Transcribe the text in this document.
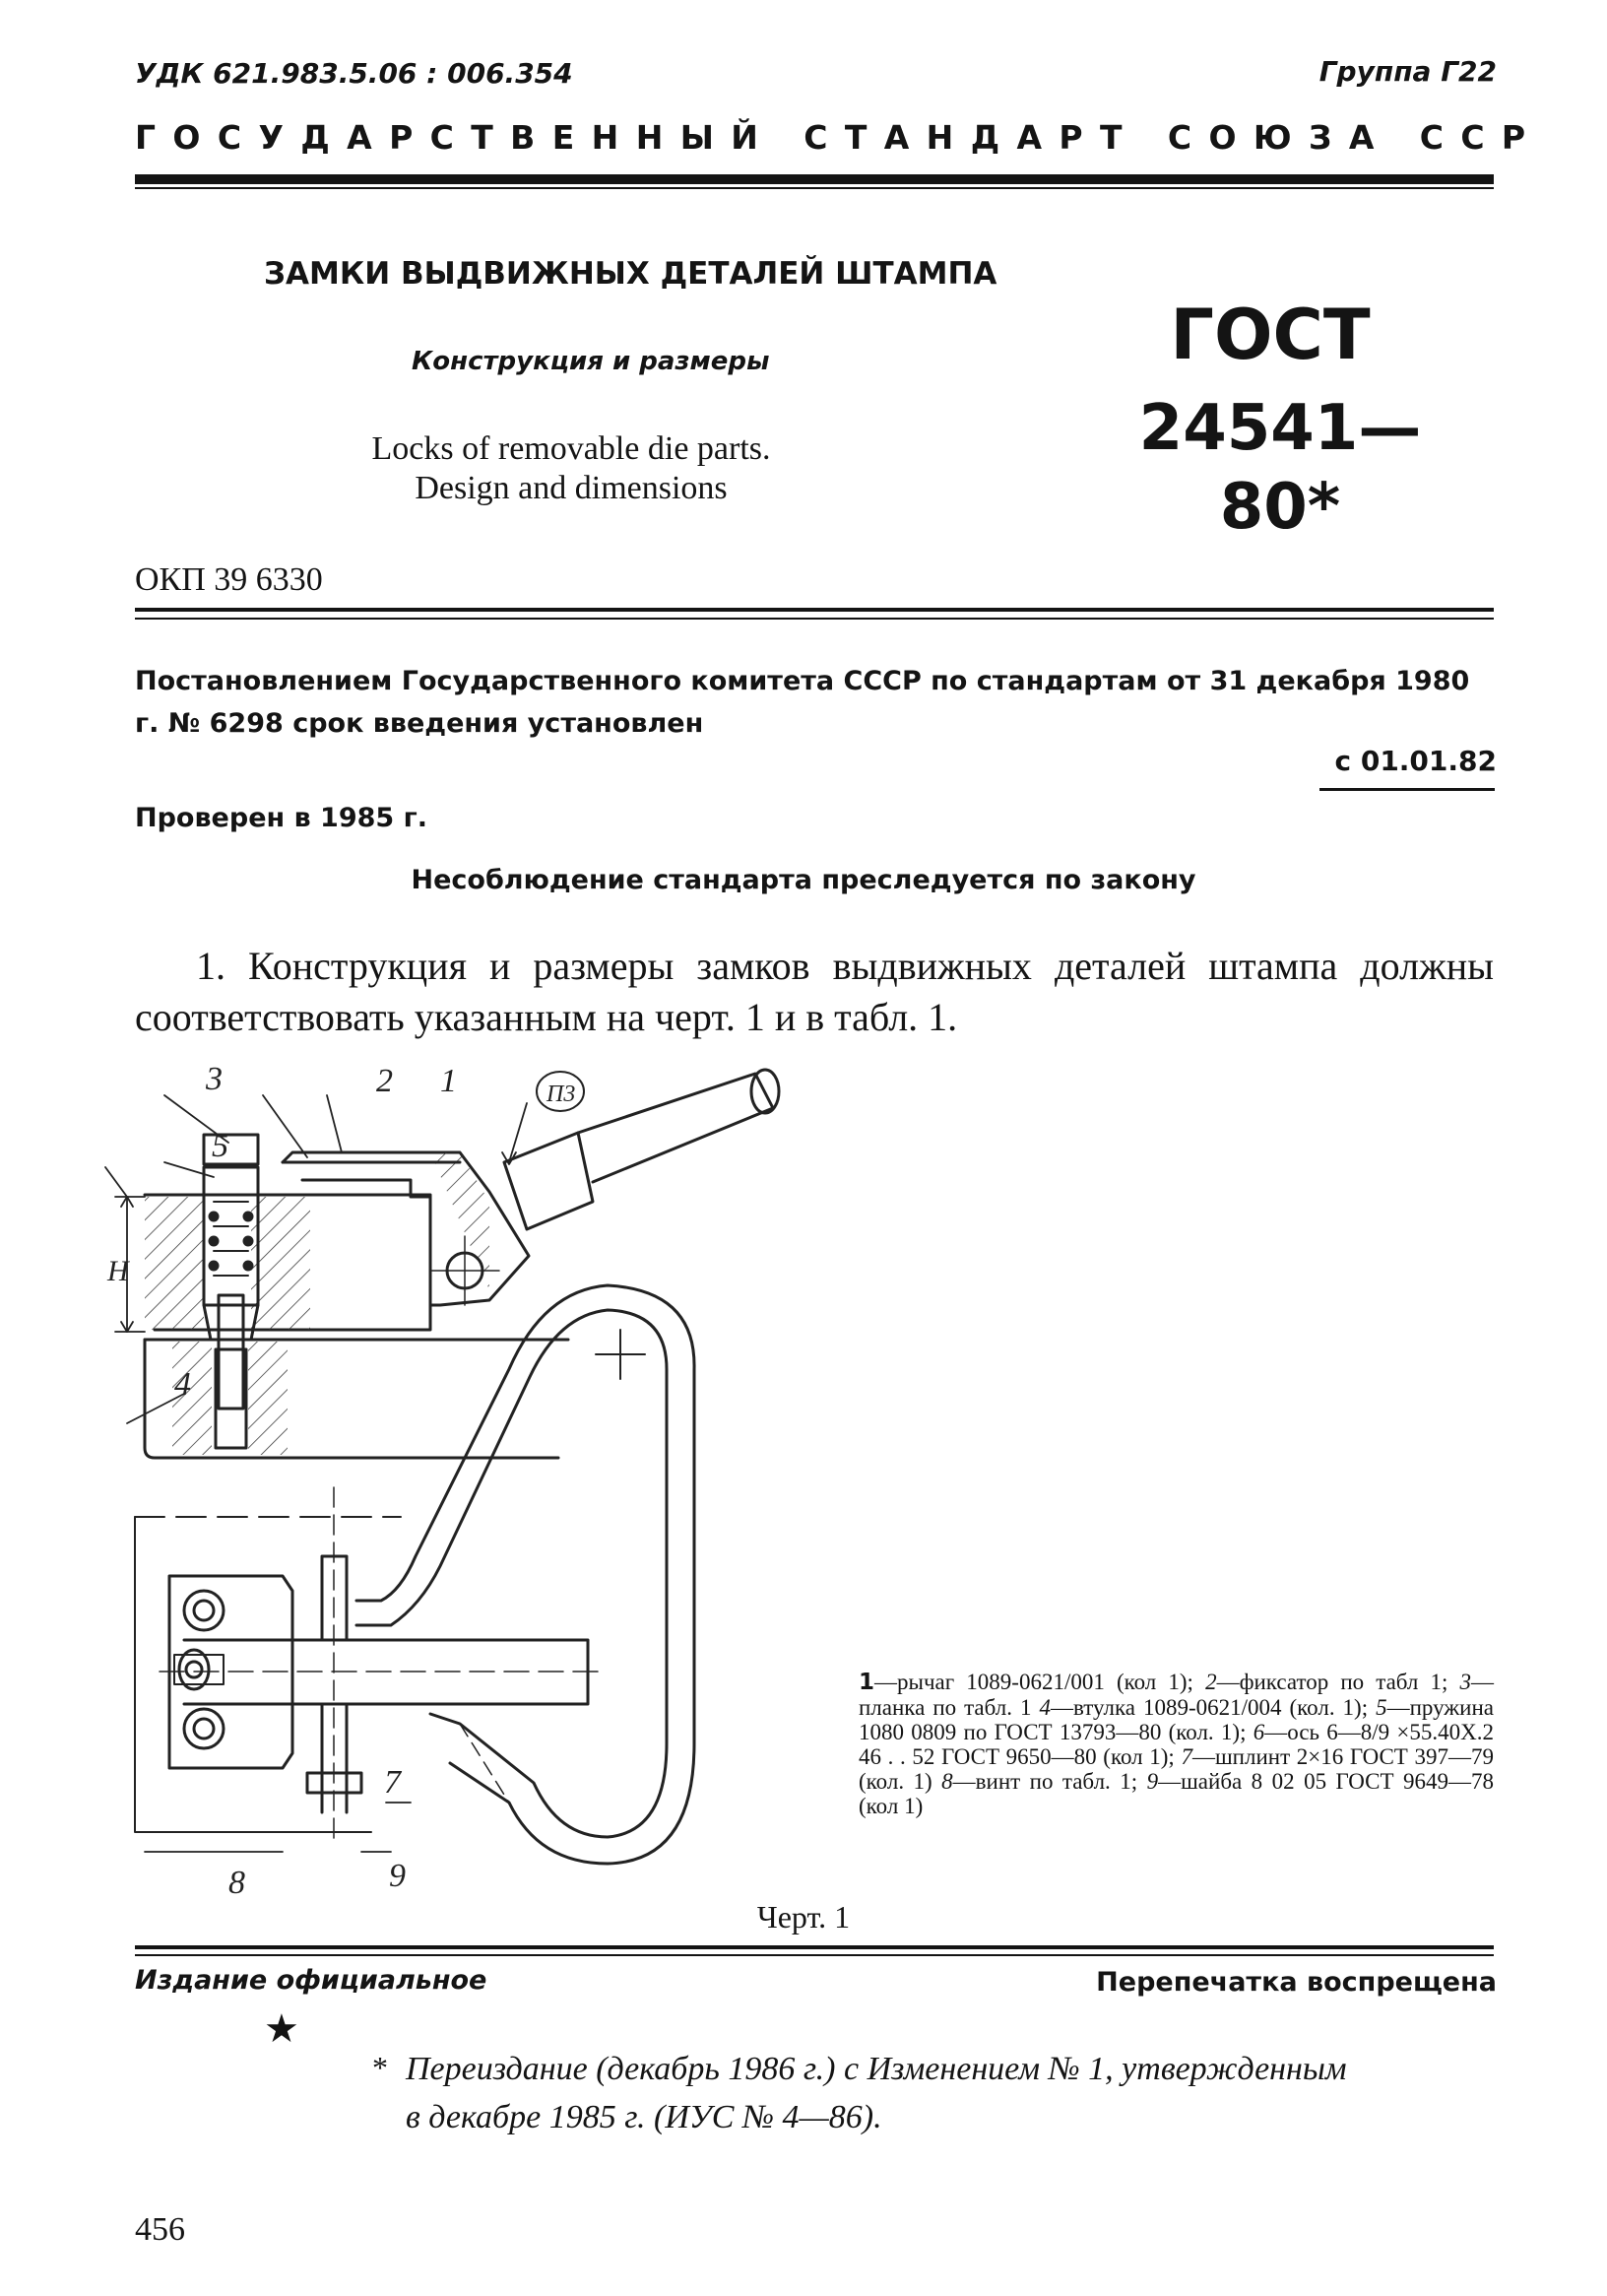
УДК 621.983.5.06 : 006.354	Группа Г22
ГОСУДАРСТВЕННЫЙ СТАНДАРТ СОЮЗА ССР
ЗАМКИ ВЫДВИЖНЫХ ДЕТАЛЕЙ ШТАМПА
Конструкция и размеры
Locks of removable die parts.
Design and dimensions
ГОСТ
24541—80*
ОКП 39 6330
Постановлением Государственного комитета СССР по стандартам от 31 декабря 1980 г. № 6298 срок введения установлен
с 01.01.82
Проверен в 1985 г.
Несоблюдение стандарта преследуется по закону
1. Конструкция и размеры замков выдвижных деталей штампа должны соответствовать указанным на черт. 1 и в табл. 1.
3	2 1
5
4
8
7
9
П3
H
1—рычаг 1089-0621/001 (кол 1); 2—фиксатор по табл 1; 3—планка по табл. 1 4—втулка 1089-0621/004 (кол. 1); 5—пружина 1080 0809 по ГОСТ 13793—80 (кол. 1); 6—ось 6—8/9 ×55.40Х.2 46 . . 52 ГОСТ 9650—80 (кол 1); 7—шплинт 2×16 ГОСТ 397—79 (кол. 1) 8—винт по табл. 1; 9—шайба 8 02 05 ГОСТ 9649—78 (кол 1)
Черт. 1
Издание официальное	Перепечатка воспрещена
★
* Переиздание (декабрь 1986 г.) с Изменением № 1, утвержденным в декабре 1985 г. (ИУС № 4—86).
456
